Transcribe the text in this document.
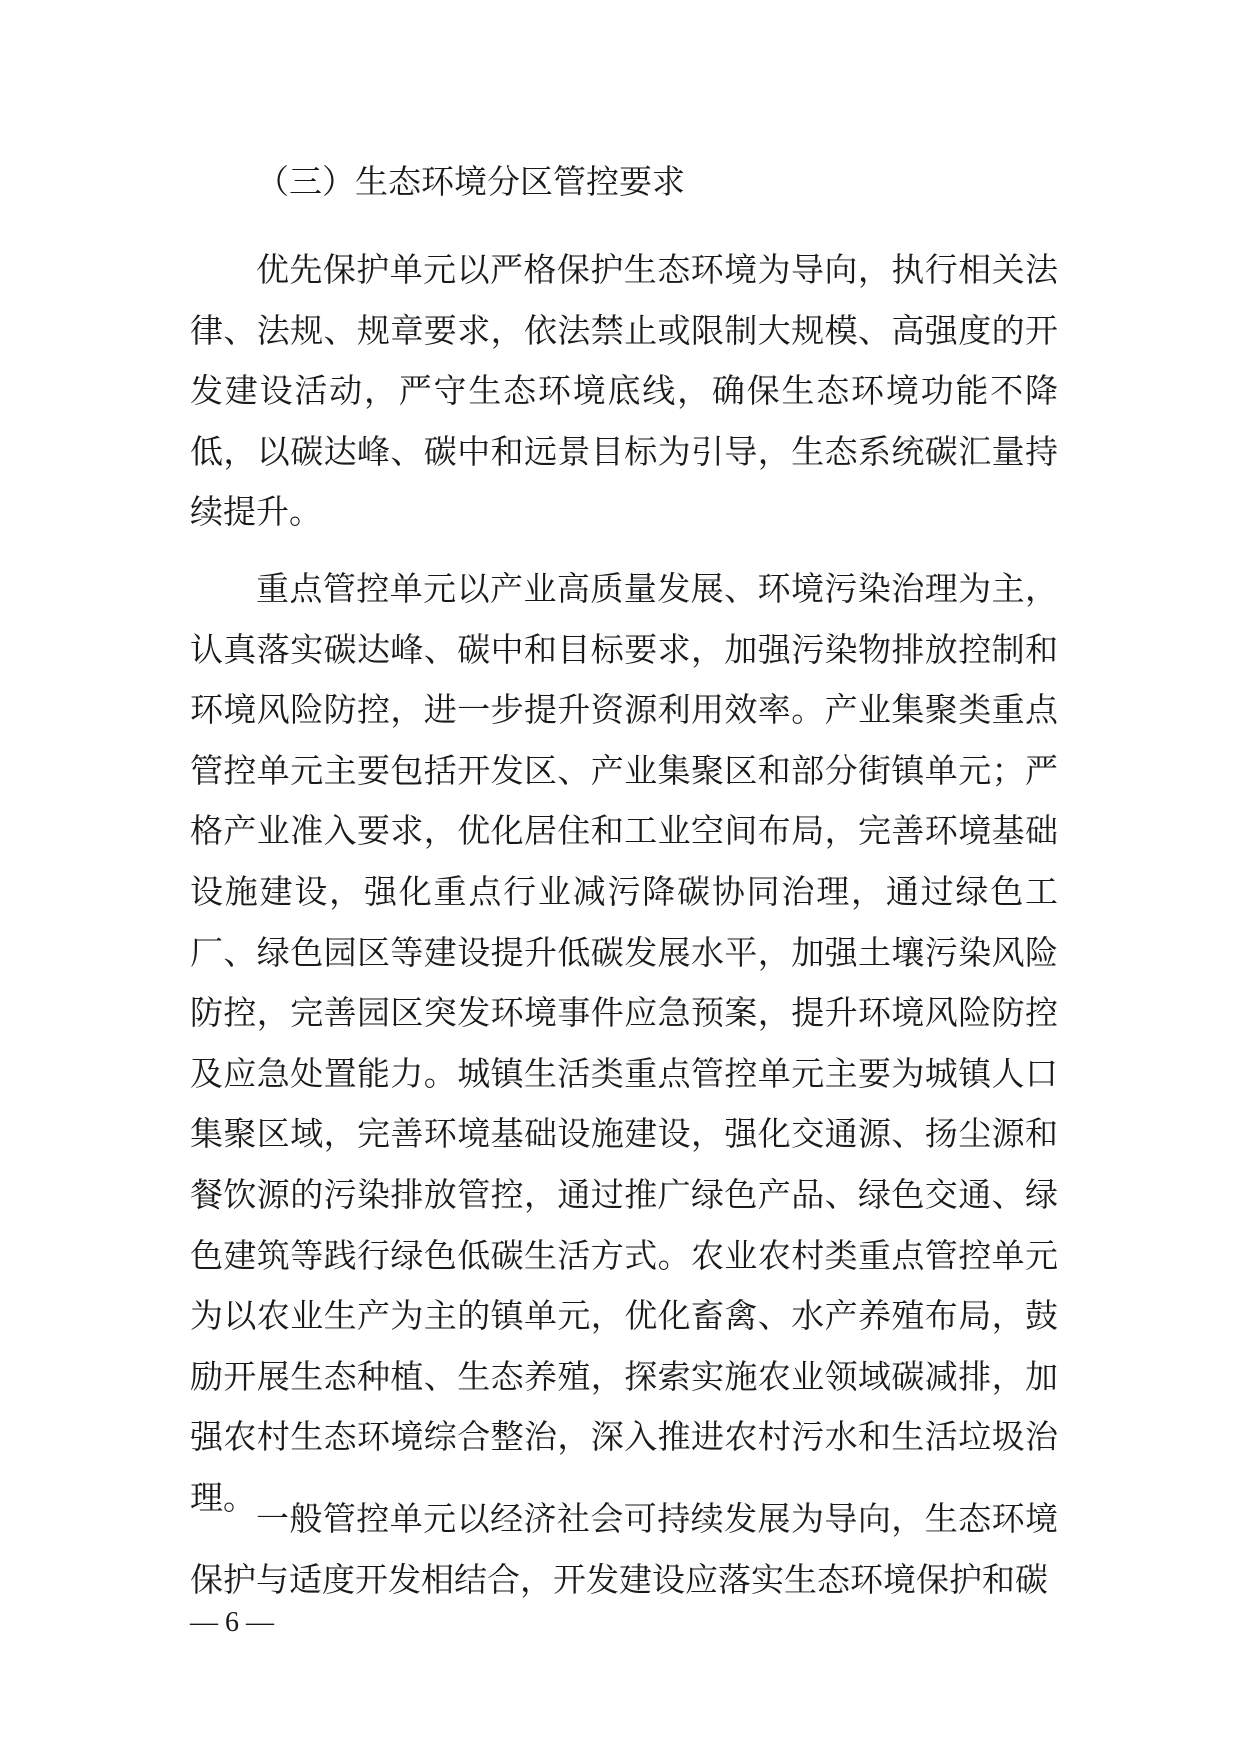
（三）生态环境分区管控要求

优先保护单元以严格保护生态环境为导向，执行相关法律、法规、规章要求，依法禁止或限制大规模、高强度的开发建设活动，严守生态环境底线，确保生态环境功能不降低，以碳达峰、碳中和远景目标为引导，生态系统碳汇量持续提升。

重点管控单元以产业高质量发展、环境污染治理为主，认真落实碳达峰、碳中和目标要求，加强污染物排放控制和环境风险防控，进一步提升资源利用效率。产业集聚类重点管控单元主要包括开发区、产业集聚区和部分街镇单元；严格产业准入要求，优化居住和工业空间布局，完善环境基础设施建设，强化重点行业减污降碳协同治理，通过绿色工厂、绿色园区等建设提升低碳发展水平，加强土壤污染风险防控，完善园区突发环境事件应急预案，提升环境风险防控及应急处置能力。城镇生活类重点管控单元主要为城镇人口集聚区域，完善环境基础设施建设，强化交通源、扬尘源和餐饮源的污染排放管控，通过推广绿色产品、绿色交通、绿色建筑等践行绿色低碳生活方式。农业农村类重点管控单元为以农业生产为主的镇单元，优化畜禽、水产养殖布局，鼓励开展生态种植、生态养殖，探索实施农业领域碳减排，加强农村生态环境综合整治，深入推进农村污水和生活垃圾治理。

一般管控单元以经济社会可持续发展为导向，生态环境保护与适度开发相结合，开发建设应落实生态环境保护和碳

— 6 —
